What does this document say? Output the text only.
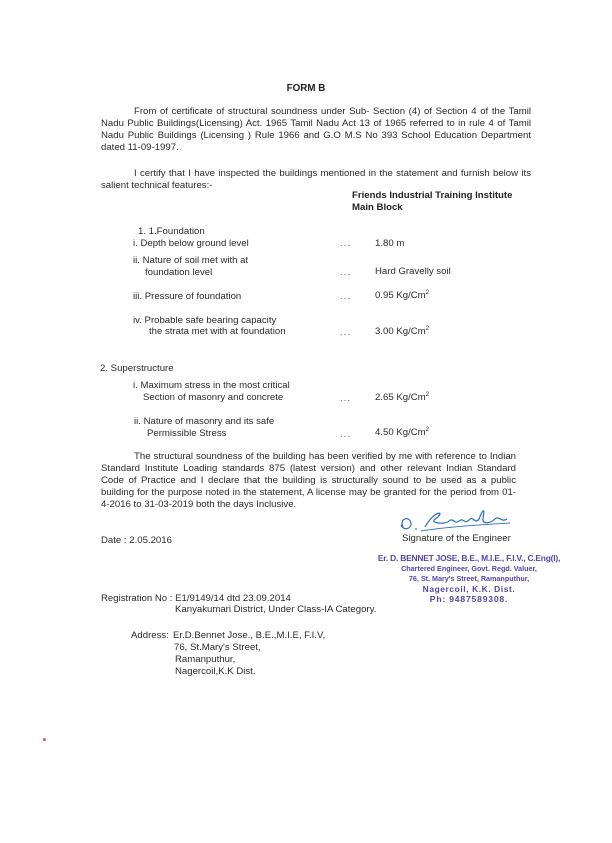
FORM B

From of certificate of structural soundness under Sub- Section (4) of Section 4 of the Tamil Nadu Public Buildings(Licensing) Act. 1965 Tamil Nadu Act 13 of 1965 referred to in rule 4 of Tamil Nadu Public Buildings (Licensing ) Rule 1966 and G.O M.S No 393 School Education Department dated 11-09-1997.

I certify that I have inspected the buildings mentioned in the statement and furnish below its salient technical features:-

Friends Industrial Training Institute
Main Block
1. 1.Foundation
i. Depth below ground level	...	1.80 m
ii. Nature of soil met with at
foundation level	...	Hard Gravelly soil
iii. Pressure of foundation	...	0.95 Kg/Cm$^2$
iv. Probable safe bearing capacity
the strata met with at foundation	...	3.00 Kg/Cm$^2$
2. Superstructure
i. Maximum stress in the most critical
Section of masonry and concrete	...	2.65 Kg/Cm$^2$
ii. Nature of masonry and its safe
Permissible Stress	...	4.50 Kg/Cm$^2$

The structural soundness of the building has been verified by me with reference to Indian Standard Institute Loading standards 875 (latest version) and other relevant Indian Standard Code of Practice and I declare that the building is structurally sound to be used as a public building for the purpose noted in the statement, A license may be granted for the period from 01-4-2016 to 31-03-2019 both the days Inclusive.

Signature of the Engineer
Date : 2.05.2016
Er. D. BENNET JOSE, B.E., M.I.E., F.I.V., C.Eng(I),
Chartered Engineer, Govt. Regd. Valuer,
76, St. Mary's Street, Ramanputhur,
Nagercoil, K.K. Dist.
Ph: 9487589308.
Registration No : E1/9149/14 dtd 23.09.2014
Kanyakumari District, Under Class-IA Category.
Address: Er.D.Bennet Jose., B.E.,M.I.E, F.I.V,
76, St.Mary's Street,
Ramanputhur,
Nagercoil,K.K Dist.
